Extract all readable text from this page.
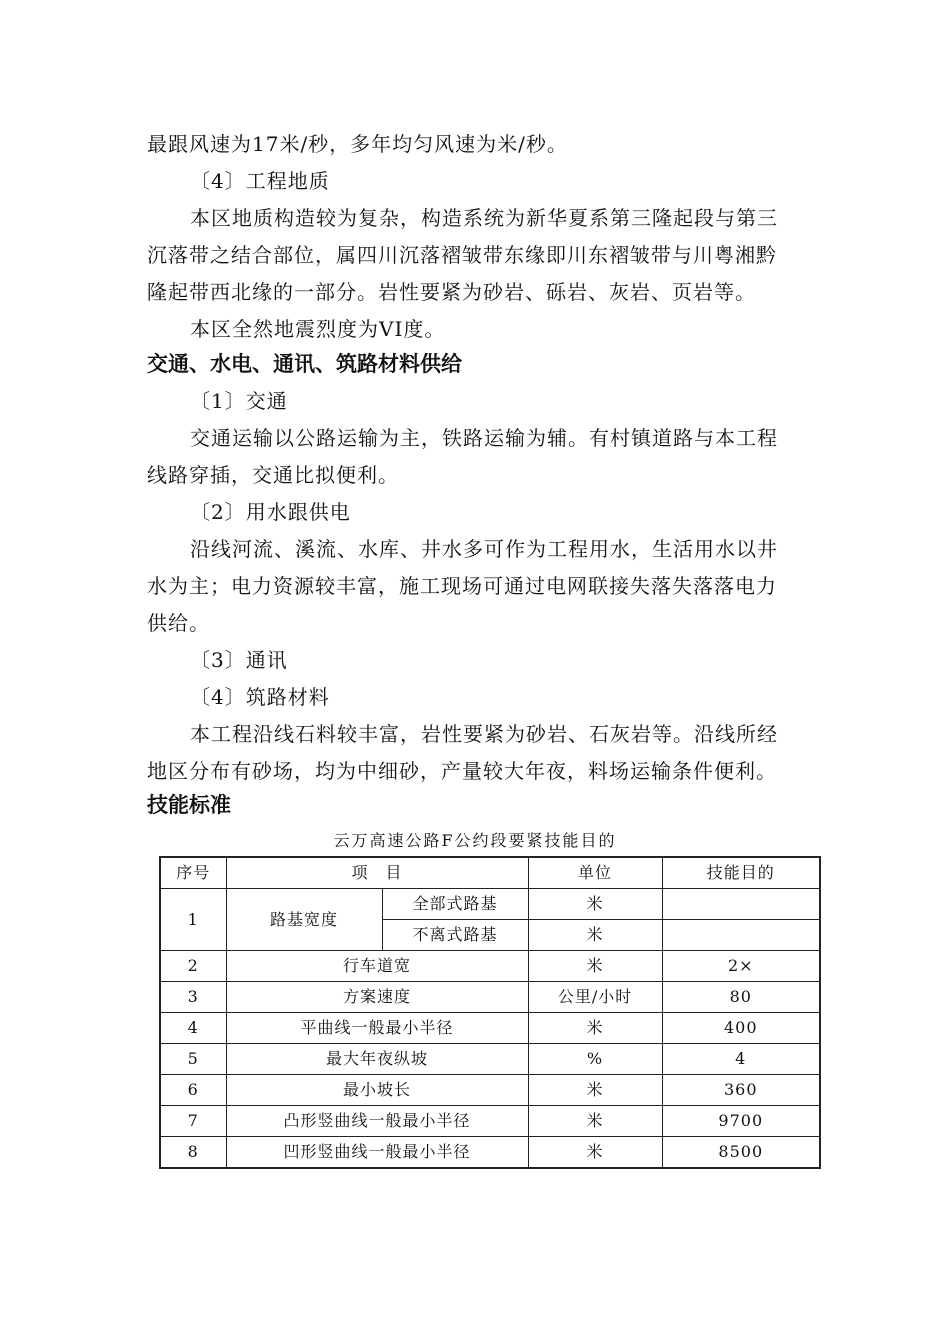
最跟风速为17米/秒，多年均匀风速为米/秒。
〔4〕工程地质
本区地质构造较为复杂，构造系统为新华夏系第三隆起段与第三
沉落带之结合部位，属四川沉落褶皱带东缘即川东褶皱带与川粤湘黔
隆起带西北缘的一部分。岩性要紧为砂岩、砾岩、灰岩、页岩等。
本区全然地震烈度为VI度。
交通、水电、通讯、筑路材料供给
〔1〕交通
交通运输以公路运输为主，铁路运输为辅。有村镇道路与本工程
线路穿插，交通比拟便利。
〔2〕用水跟供电
沿线河流、溪流、水库、井水多可作为工程用水，生活用水以井
水为主；电力资源较丰富，施工现场可通过电网联接失落失落落电力
供给。
〔3〕通讯
〔4〕筑路材料
本工程沿线石料较丰富，岩性要紧为砂岩、石灰岩等。沿线所经
地区分布有砂场，均为中细砂，产量较大年夜，料场运输条件便利。
技能标准
云万高速公路F公约段要紧技能目的
序号	项　目		单位	技能目的
1	路基宽度	全部式路基	米	
		不离式路基	米	
2	行车道宽		米	2×
3	方案速度		公里/小时	80
4	平曲线一般最小半径		米	400
5	最大年夜纵坡		%	4
6	最小坡长		米	360
7	凸形竖曲线一般最小半径		米	9700
8	凹形竖曲线一般最小半径		米	8500
